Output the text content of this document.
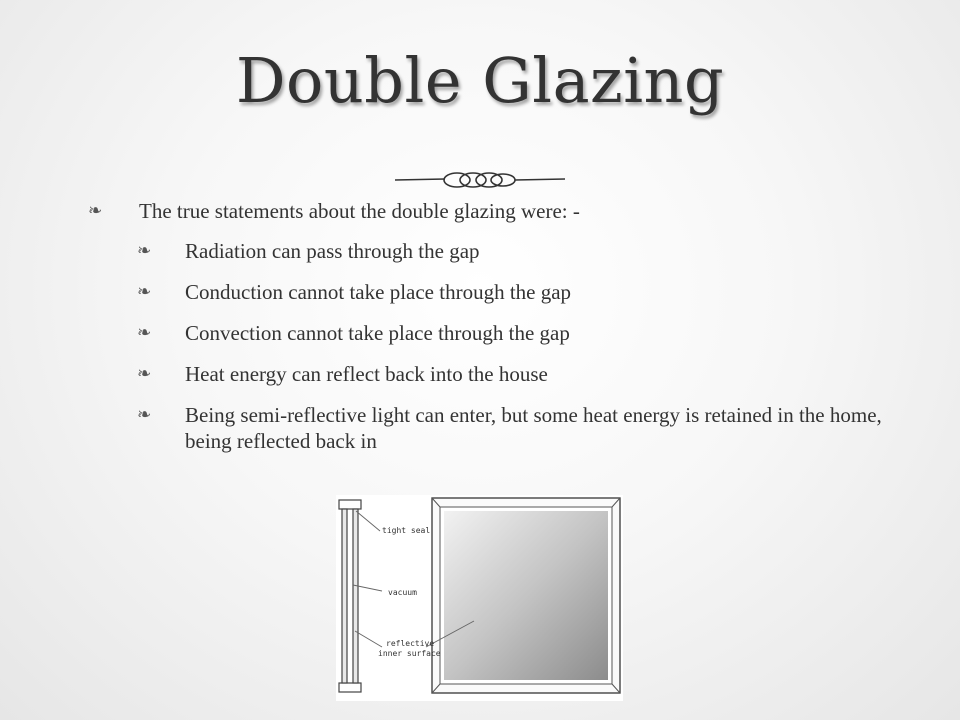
Double Glazing
❧ The true statements about the double glazing were: -
❧ Radiation can pass through the gap
❧ Conduction cannot take place through the gap
❧ Convection cannot take place through the gap
❧ Heat energy can reflect back into the house
❧ Being semi-reflective light can enter, but some heat energy is retained in the home, being reflected back in
tight seal
vacuum
reflective
inner surface
